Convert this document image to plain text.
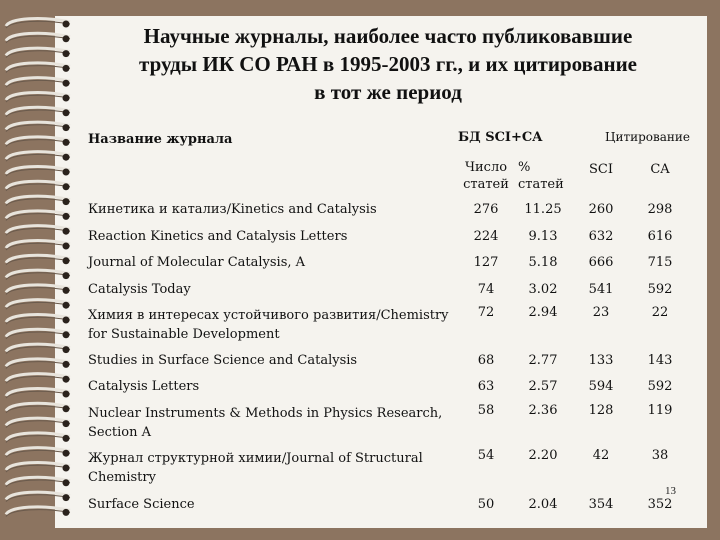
Научные журналы, наиболее часто публиковавшие
труды ИК СО РАН в 1995-2003 гг., и их цитирование
в тот же период
Название журнала	БД SCI+CA		Цитирование	
	Число статей	% статей	SCI	CA
Кинетика и катализ/Kinetics and Catalysis	276	11.25	260	298
Reaction Kinetics and Catalysis Letters	224	9.13	632	616
Journal of Molecular Catalysis, A	127	5.18	666	715
Catalysis Today	74	3.02	541	592
Химия в интересах устойчивого развития/Chemistry for Sustainable Development	72	2.94	23	22
Studies in Surface Science and Catalysis	68	2.77	133	143
Catalysis Letters	63	2.57	594	592
Nuclear Instruments & Methods in Physics Research, Section A	58	2.36	128	119
Журнал структурной химии/Journal of Structural Chemistry	54	2.20	42	38
Surface Science	50	2.04	354	352
13
